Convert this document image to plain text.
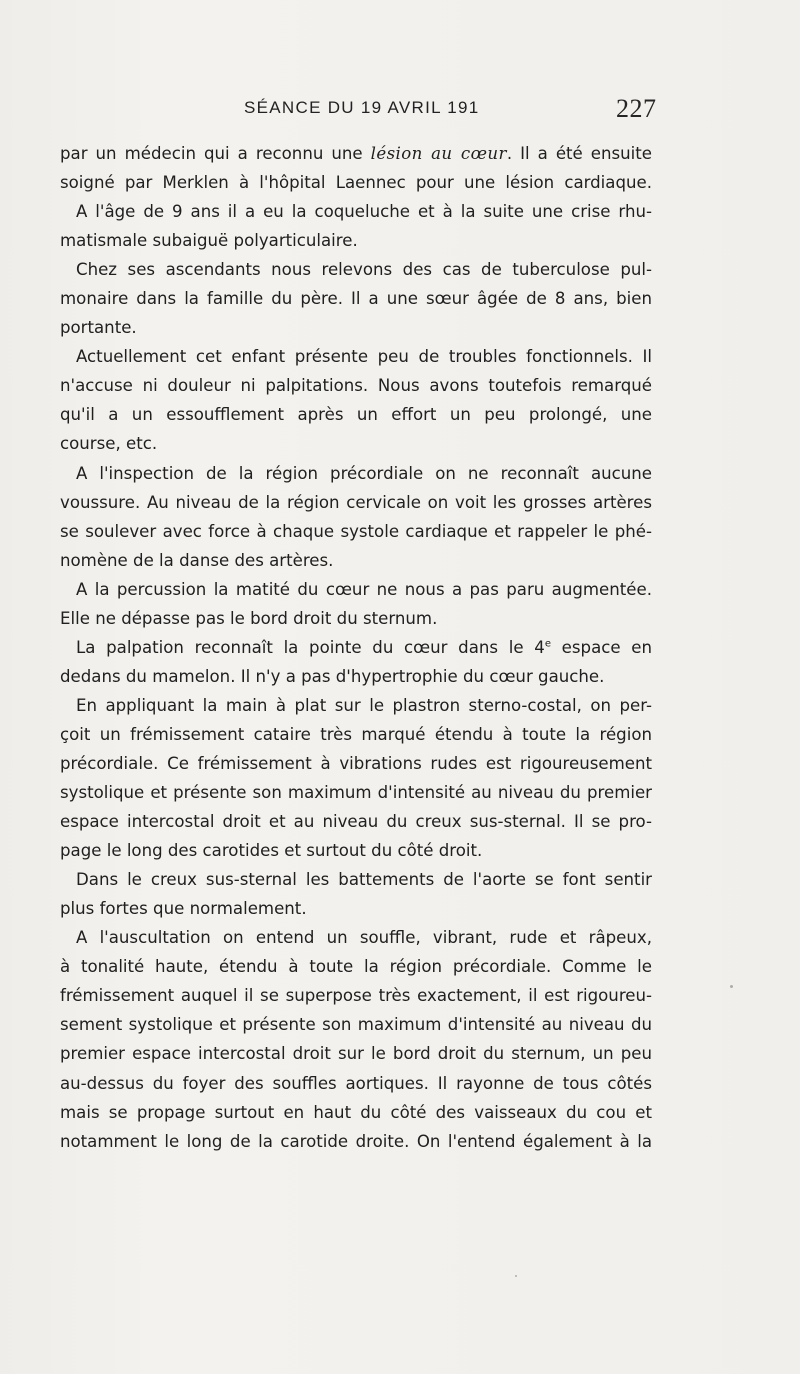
SÉANCE DU 19 AVRIL 191	227
par un médecin qui a reconnu une lésion au cœur. Il a été ensuite
soigné par Merklen à l'hôpital Laennec pour une lésion cardiaque.
A l'âge de 9 ans il a eu la coqueluche et à la suite une crise rhu-
matismale subaiguë polyarticulaire.
Chez ses ascendants nous relevons des cas de tuberculose pul-
monaire dans la famille du père. Il a une sœur âgée de 8 ans, bien
portante.
Actuellement cet enfant présente peu de troubles fonctionnels. Il
n'accuse ni douleur ni palpitations. Nous avons toutefois remarqué
qu'il a un essoufflement après un effort un peu prolongé, une
course, etc.
A l'inspection de la région précordiale on ne reconnaît aucune
voussure. Au niveau de la région cervicale on voit les grosses artères
se soulever avec force à chaque systole cardiaque et rappeler le phé-
nomène de la danse des artères.
A la percussion la matité du cœur ne nous a pas paru augmentée.
Elle ne dépasse pas le bord droit du sternum.
La palpation reconnaît la pointe du cœur dans le 4e espace en
dedans du mamelon. Il n'y a pas d'hypertrophie du cœur gauche.
En appliquant la main à plat sur le plastron sterno-costal, on per-
çoit un frémissement cataire très marqué étendu à toute la région
précordiale. Ce frémissement à vibrations rudes est rigoureusement
systolique et présente son maximum d'intensité au niveau du premier
espace intercostal droit et au niveau du creux sus-sternal. Il se pro-
page le long des carotides et surtout du côté droit.
Dans le creux sus-sternal les battements de l'aorte se font sentir
plus fortes que normalement.
A l'auscultation on entend un souffle, vibrant, rude et râpeux,
à tonalité haute, étendu à toute la région précordiale. Comme le
frémissement auquel il se superpose très exactement, il est rigoureu-
sement systolique et présente son maximum d'intensité au niveau du
premier espace intercostal droit sur le bord droit du sternum, un peu
au-dessus du foyer des souffles aortiques. Il rayonne de tous côtés
mais se propage surtout en haut du côté des vaisseaux du cou et
notamment le long de la carotide droite. On l'entend également à la
